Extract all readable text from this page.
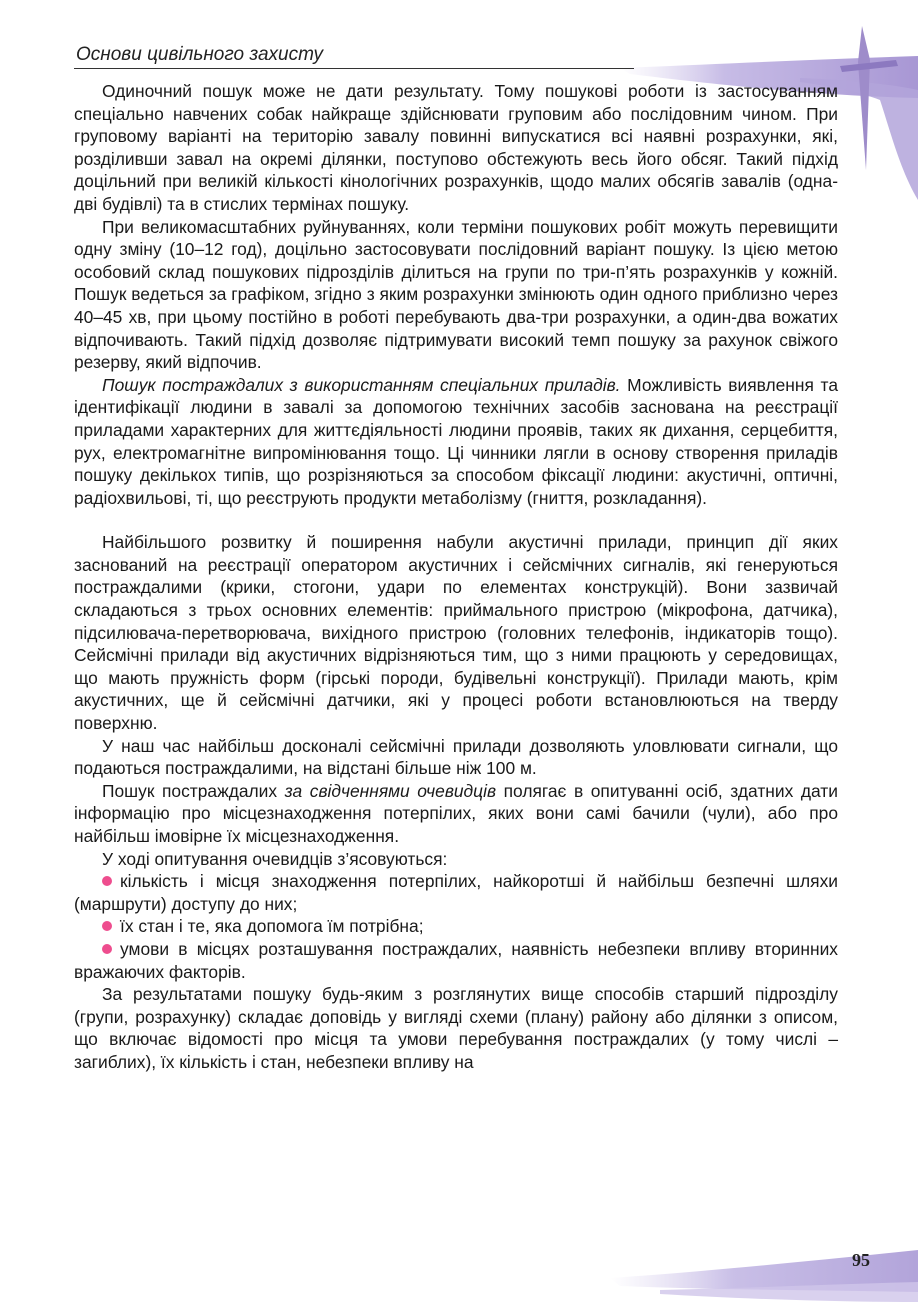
Основи цивільного захисту

Одиночний пошук може не дати результату. Тому пошукові роботи із застосуванням спеціально навчених собак найкраще здійснювати груповим або послідовним чином. При груповому варіанті на територію завалу повинні випускатися всі наявні розрахунки, які, розділивши завал на окремі ділянки, поступово обстежують весь його обсяг. Такий підхід доцільний при великій кількості кінологічних розрахунків, щодо малих обсягів завалів (одна-дві будівлі) та в стислих термінах пошуку.

При великомасштабних руйнуваннях, коли терміни пошукових робіт можуть перевищити одну зміну (10–12 год), доцільно застосовувати послідовний варіант пошуку. Із цією метою особовий склад пошукових підрозділів ділиться на групи по три-п’ять розрахунків у кожній. Пошук ведеться за графіком, згідно з яким розрахунки змінюють один одного приблизно через 40–45 хв, при цьому постійно в роботі перебувають два-три розрахунки, а один-два вожатих відпочивають. Такий підхід дозволяє підтримувати високий темп пошуку за рахунок свіжого резерву, який відпочив.

Пошук постраждалих з використанням спеціальних приладів. Можливість виявлення та ідентифікації людини в завалі за допомогою технічних засобів заснована на реєстрації приладами характерних для життєдіяльності людини проявів, таких як дихання, серцебиття, рух, електромагнітне випромінювання тощо. Ці чинники лягли в основу створення приладів пошуку декількох типів, що розрізняються за способом фіксації людини: акустичні, оптичні, радіохвильові, ті, що реєструють продукти метаболізму (гниття, розкладання).

Найбільшого розвитку й поширення набули акустичні прилади, принцип дії яких заснований на реєстрації оператором акустичних і сейсмічних сигналів, які генеруються постраждалими (крики, стогони, удари по елементах конструкцій). Вони зазвичай складаються з трьох основних елементів: приймального пристрою (мікрофона, датчика), підсилювача-перетворювача, вихідного пристрою (головних телефонів, індикаторів тощо). Сейсмічні прилади від акустичних відрізняються тим, що з ними працюють у середовищах, що мають пружність форм (гірські породи, будівельні конструкції). Прилади мають, крім акустичних, ще й сейсмічні датчики, які у процесі роботи встановлюються на тверду поверхню.

У наш час найбільш досконалі сейсмічні прилади дозволяють уловлювати сигнали, що подаються постраждалими, на відстані більше ніж 100 м.

Пошук постраждалих за свідченнями очевидців полягає в опитуванні осіб, здатних дати інформацію про місцезнаходження потерпілих, яких вони самі бачили (чули), або про найбільш імовірне їх місцезнаходження.

У ході опитування очевидців з’ясовуються:

кількість і місця знаходження потерпілих, найкоротші й найбільш безпечні шляхи (маршрути) доступу до них;

їх стан і те, яка допомога їм потрібна;

умови в місцях розташування постраждалих, наявність небезпеки впливу вторинних вражаючих факторів.

За результатами пошуку будь-яким з розглянутих вище способів старший підрозділу (групи, розрахунку) складає доповідь у вигляді схеми (плану) району або ділянки з описом, що включає відомості про місця та умови перебування постраждалих (у тому числі – загиблих), їх кількість і стан, небезпеки впливу на

95
